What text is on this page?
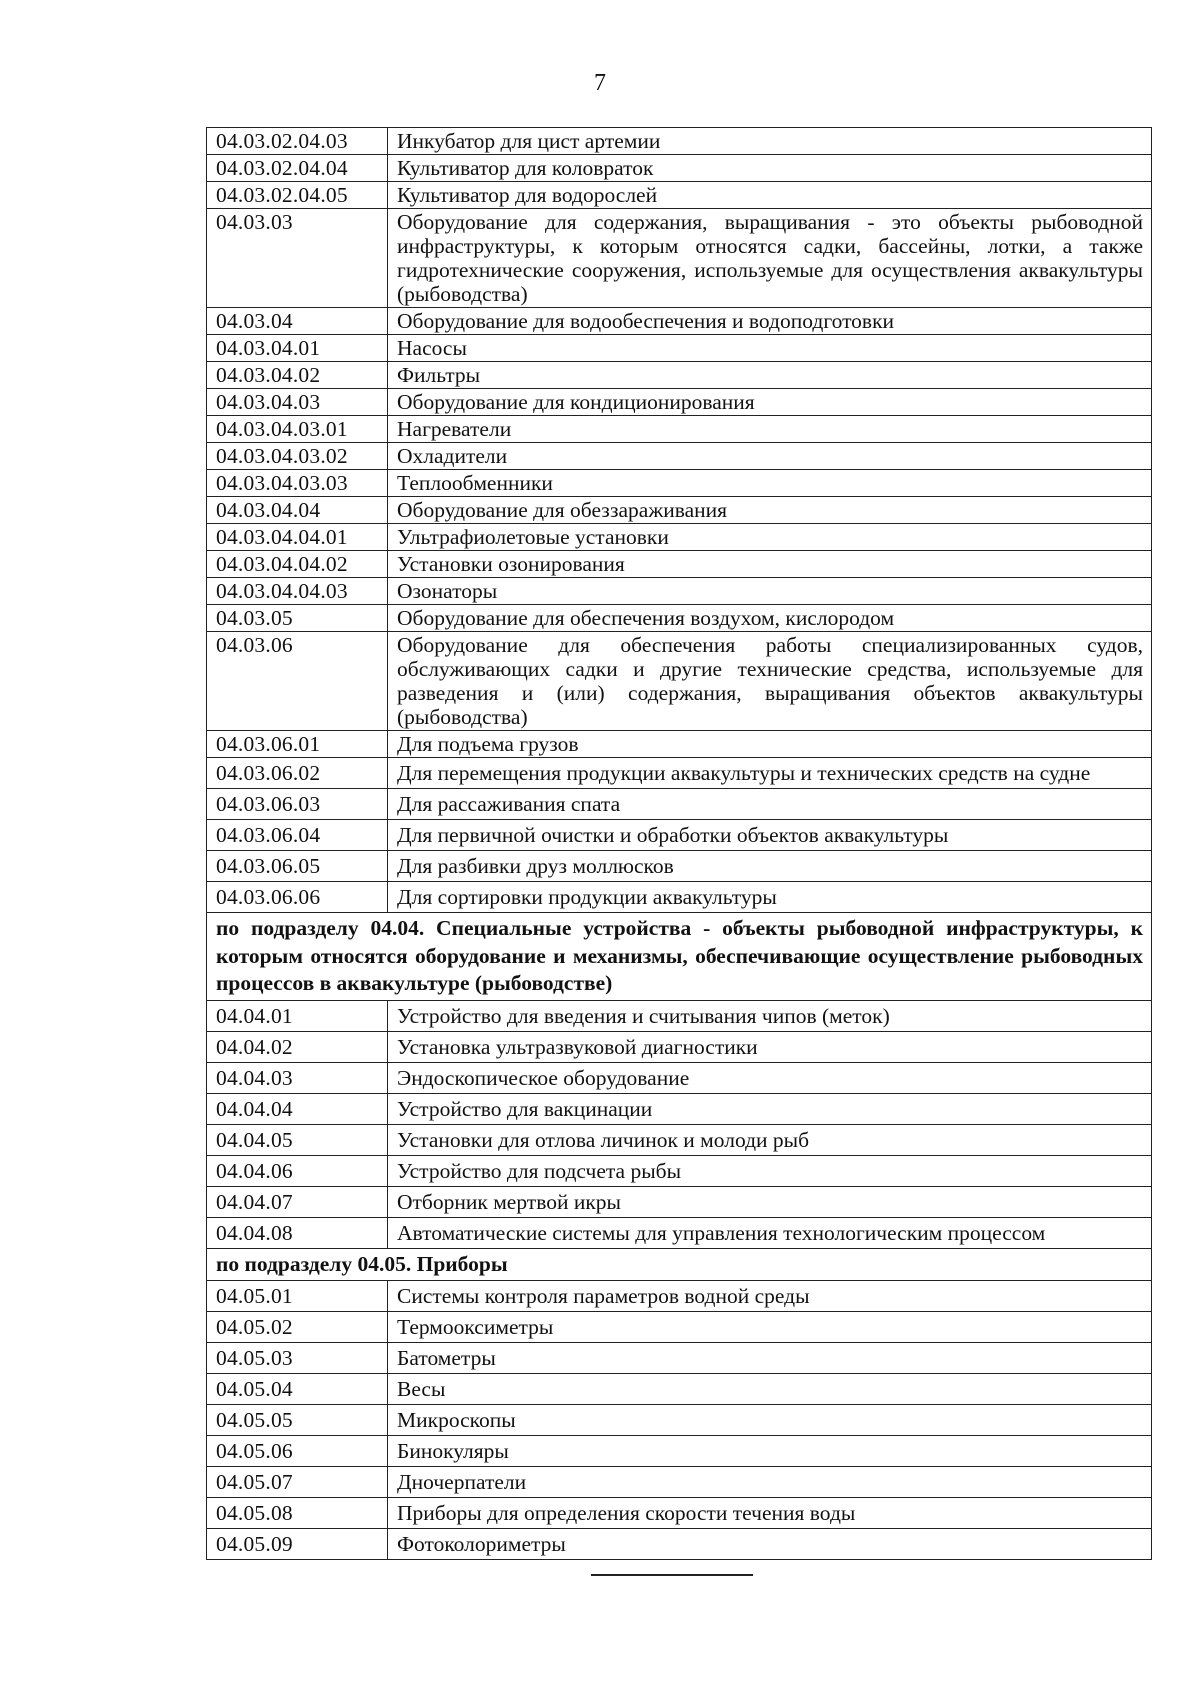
7
04.03.02.04.03	Инкубатор для цист артемии
04.03.02.04.04	Культиватор для коловраток
04.03.02.04.05	Культиватор для водорослей
04.03.03	Оборудование для содержания, выращивания - это объекты рыбоводной инфраструктуры, к которым относятся садки, бассейны, лотки, а также гидротехнические сооружения, используемые для осуществления аквакультуры (рыбоводства)
04.03.04	Оборудование для водообеспечения и водоподготовки
04.03.04.01	Насосы
04.03.04.02	Фильтры
04.03.04.03	Оборудование для кондиционирования
04.03.04.03.01	Нагреватели
04.03.04.03.02	Охладители
04.03.04.03.03	Теплообменники
04.03.04.04	Оборудование для обеззараживания
04.03.04.04.01	Ультрафиолетовые установки
04.03.04.04.02	Установки озонирования
04.03.04.04.03	Озонаторы
04.03.05	Оборудование для обеспечения воздухом, кислородом
04.03.06	Оборудование для обеспечения работы специализированных судов, обслуживающих садки и другие технические средства, используемые для разведения и (или) содержания, выращивания объектов аквакультуры (рыбоводства)
04.03.06.01	Для подъема грузов
04.03.06.02	Для перемещения продукции аквакультуры и технических средств на судне
04.03.06.03	Для рассаживания спата
04.03.06.04	Для первичной очистки и обработки объектов аквакультуры
04.03.06.05	Для разбивки друз моллюсков
04.03.06.06	Для сортировки продукции аквакультуры
по подразделу 04.04. Специальные устройства - объекты рыбоводной инфраструктуры, к которым относятся оборудование и механизмы, обеспечивающие осуществление рыбоводных процессов в аквакультуре (рыбоводстве)	
04.04.01	Устройство для введения и считывания чипов (меток)
04.04.02	Установка ультразвуковой диагностики
04.04.03	Эндоскопическое оборудование
04.04.04	Устройство для вакцинации
04.04.05	Установки для отлова личинок и молоди рыб
04.04.06	Устройство для подсчета рыбы
04.04.07	Отборник мертвой икры
04.04.08	Автоматические системы для управления технологическим процессом
по подразделу 04.05. Приборы	
04.05.01	Системы контроля параметров водной среды
04.05.02	Термооксиметры
04.05.03	Батометры
04.05.04	Весы
04.05.05	Микроскопы
04.05.06	Бинокуляры
04.05.07	Дночерпатели
04.05.08	Приборы для определения скорости течения воды
04.05.09	Фотоколориметры
